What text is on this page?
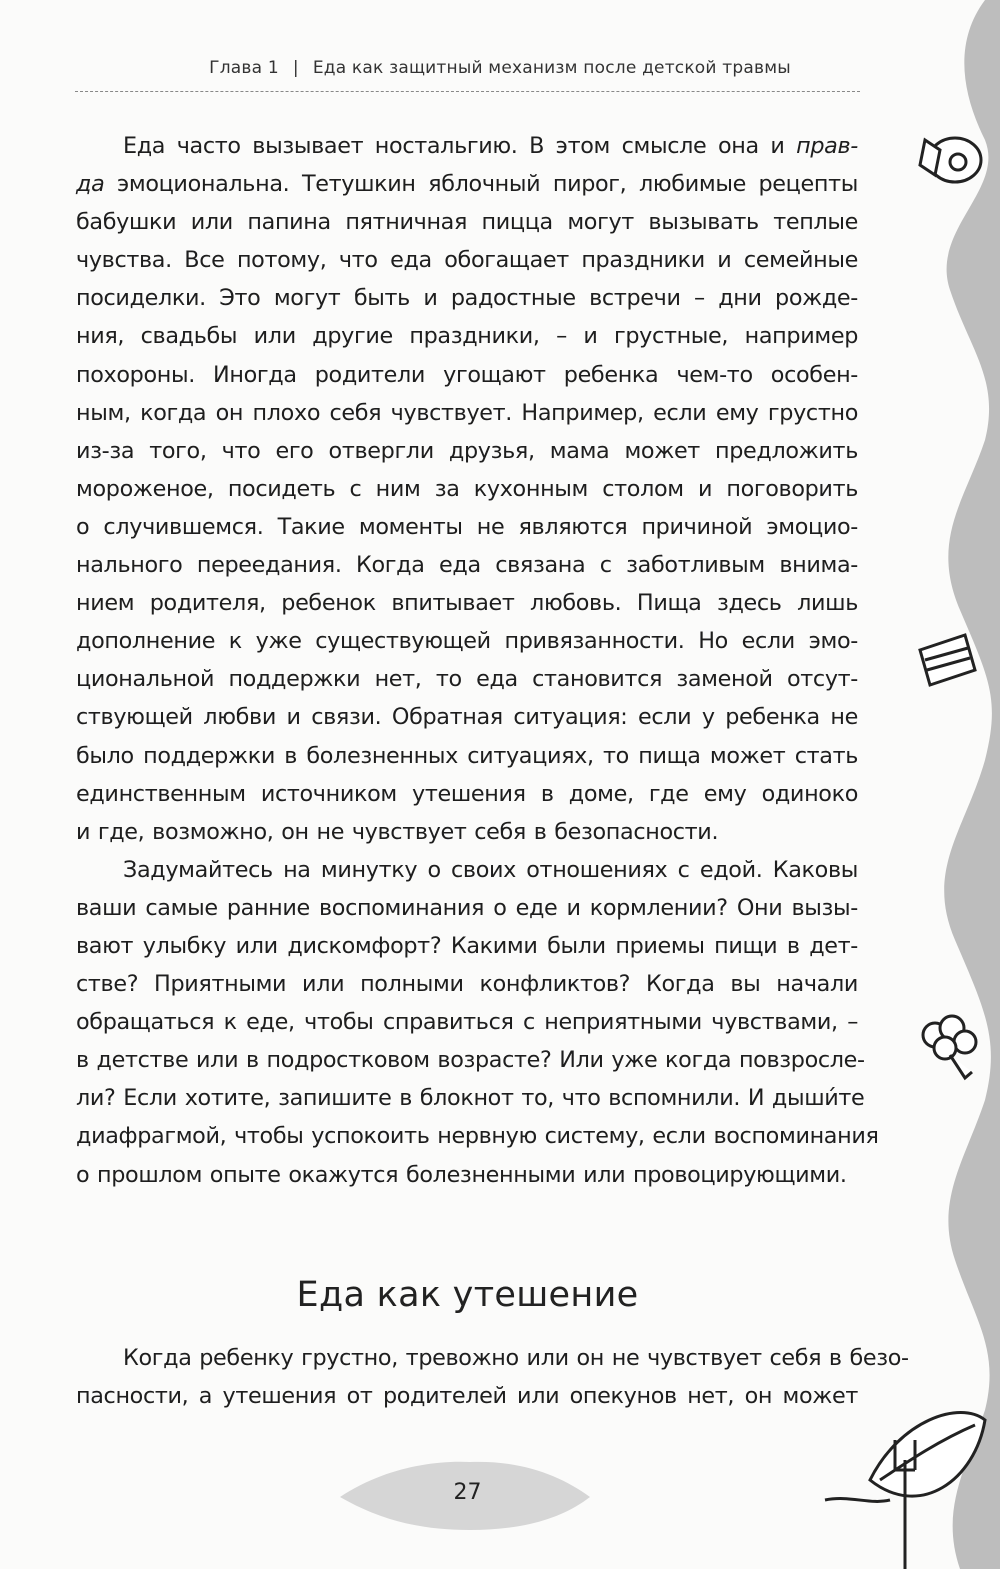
Глава 1 | Еда как защитный механизм после детской травмы
Еда часто вызывает ностальгию. В этом смысле она и прав-
да эмоциональна. Тетушкин яблочный пирог, любимые рецепты
бабушки или папина пятничная пицца могут вызывать теплые
чувства. Все потому, что еда обогащает праздники и семейные
посиделки. Это могут быть и радостные встречи – дни рожде-
ния, свадьбы или другие праздники, – и грустные, например
похороны. Иногда родители угощают ребенка чем-то особен-
ным, когда он плохо себя чувствует. Например, если ему грустно
из-за того, что его отвергли друзья, мама может предложить
мороженое, посидеть с ним за кухонным столом и поговорить
о случившемся. Такие моменты не являются причиной эмоцио-
нального переедания. Когда еда связана с заботливым внима-
нием родителя, ребенок впитывает любовь. Пища здесь лишь
дополнение к уже существующей привязанности. Но если эмо-
циональной поддержки нет, то еда становится заменой отсут-
ствующей любви и связи. Обратная ситуация: если у ребенка не
было поддержки в болезненных ситуациях, то пища может стать
единственным источником утешения в доме, где ему одиноко
и где, возможно, он не чувствует себя в безопасности.
Задумайтесь на минутку о своих отношениях с едой. Каковы
ваши самые ранние воспоминания о еде и кормлении? Они вызы-
вают улыбку или дискомфорт? Какими были приемы пищи в дет-
стве? Приятными или полными конфликтов? Когда вы начали
обращаться к еде, чтобы справиться с неприятными чувствами, –
в детстве или в подростковом возрасте? Или уже когда повзросле-
ли? Если хотите, запишите в блокнот то, что вспомнили. И дыши́те
диафрагмой, чтобы успокоить нервную систему, если воспоминания
о прошлом опыте окажутся болезненными или провоцирующими.
Еда как утешение
Когда ребенку грустно, тревожно или он не чувствует себя в безо-
пасности, а утешения от родителей или опекунов нет, он может
27
